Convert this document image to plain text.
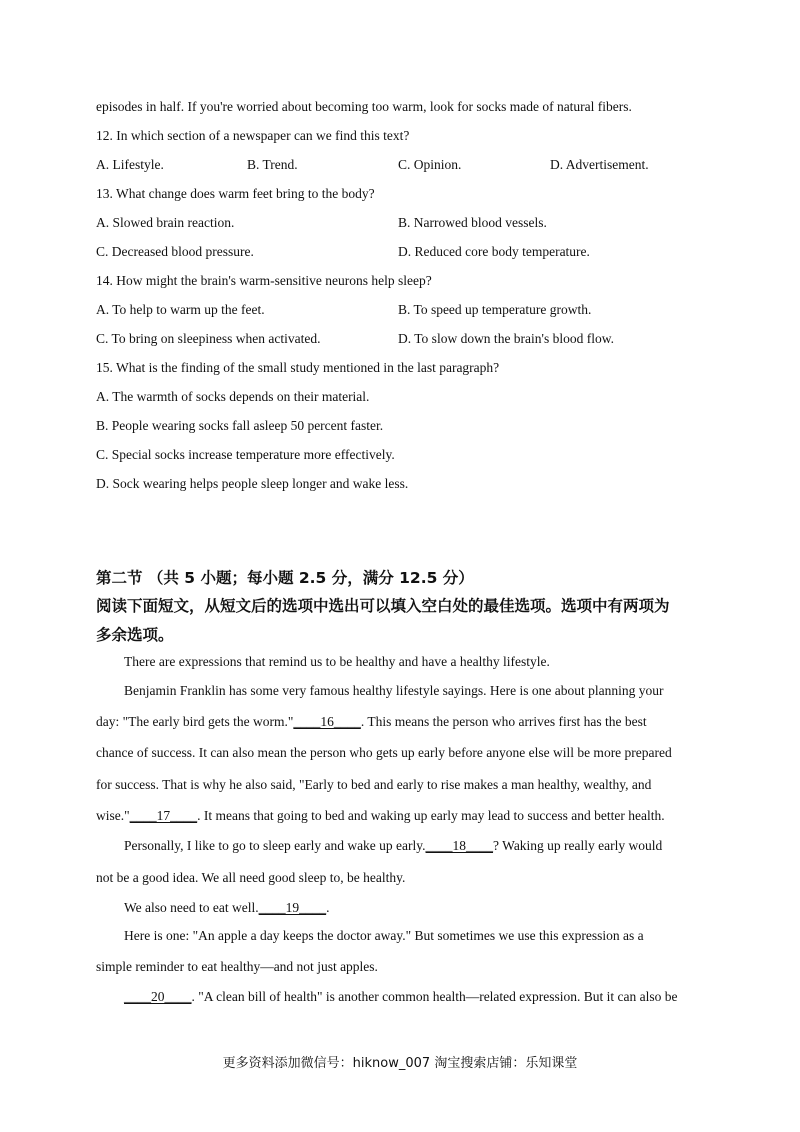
episodes in half. If you're worried about becoming too warm, look for socks made of natural fibers.
12. In which section of a newspaper can we find this text?
A. Lifestyle.	B. Trend.	C. Opinion.	D. Advertisement.
13. What change does warm feet bring to the body?
A. Slowed brain reaction.	B. Narrowed blood vessels.
C. Decreased blood pressure.	D. Reduced core body temperature.
14. How might the brain's warm-sensitive neurons help sleep?
A. To help to warm up the feet.	B. To speed up temperature growth.
C. To bring on sleepiness when activated.	D. To slow down the brain's blood flow.
15. What is the finding of the small study mentioned in the last paragraph?
A. The warmth of socks depends on their material.
B. People wearing socks fall asleep 50 percent faster.
C. Special socks increase temperature more effectively.
D. Sock wearing helps people sleep longer and wake less.
第二节 （共 5 小题；每小题 2.5 分，满分 12.5 分）
阅读下面短文，从短文后的选项中选出可以填入空白处的最佳选项。选项中有两项为
多余选项。
There are expressions that remind us to be healthy and have a healthy lifestyle.
Benjamin Franklin has some very famous healthy lifestyle sayings. Here is one about planning your
day: "The early bird gets the worm."____16____. This means the person who arrives first has the best
chance of success. It can also mean the person who gets up early before anyone else will be more prepared
for success. That is why he also said, "Early to bed and early to rise makes a man healthy, wealthy, and
wise."____17____. It means that going to bed and waking up early may lead to success and better health.
Personally, I like to go to sleep early and wake up early.____18____? Waking up really early would
not be a good idea. We all need good sleep to, be healthy.
We also need to eat well.____19____.
Here is one: "An apple a day keeps the doctor away." But sometimes we use this expression as a
simple reminder to eat healthy—and not just apples.
____20____. "A clean bill of health" is another common health—related expression. But it can also be
更多资料添加微信号：hiknow_007 淘宝搜索店铺：乐知课堂
